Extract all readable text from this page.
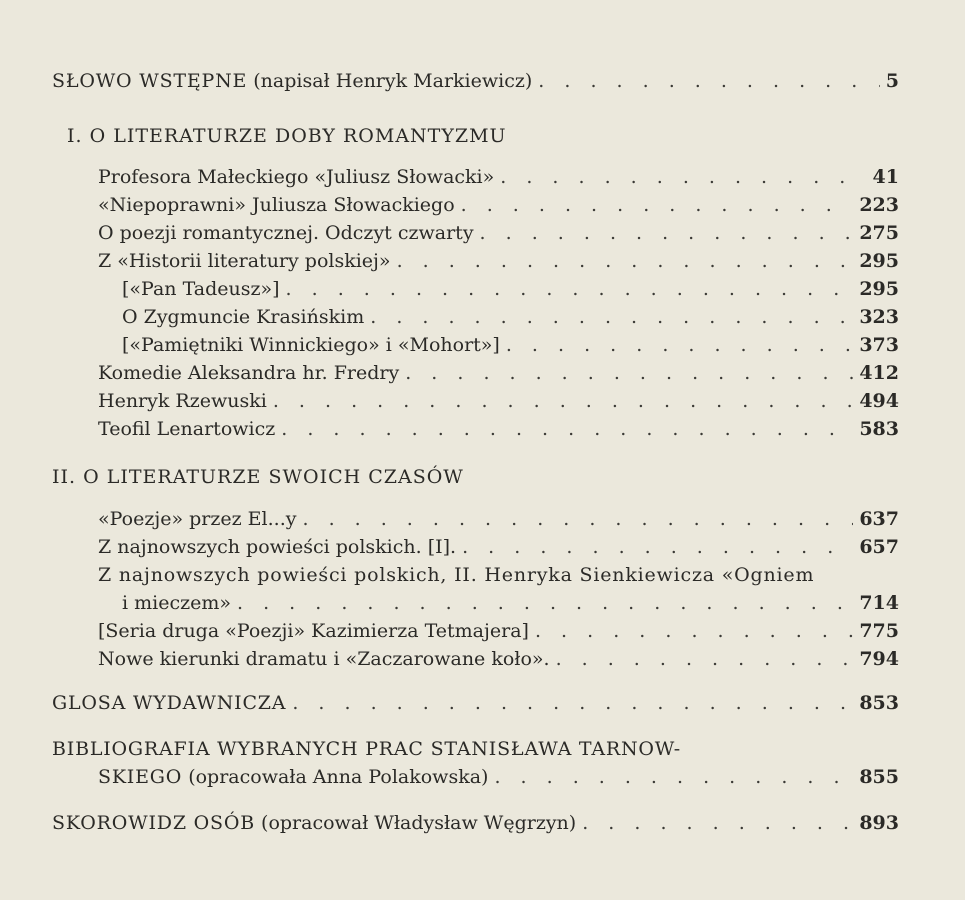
SŁOWO WSTĘPNE (napisał Henryk Markiewicz) . . .	5
I. O LITERATURZE DOBY ROMANTYZMU
Profesora Małeckiego «Juliusz Słowacki» . . .	41
«Niepoprawni» Juliusza Słowackiego . . .	223
O poezji romantycznej. Odczyt czwarty . . .	275
Z «Historii literatury polskiej» . . .	295
[«Pan Tadeusz»] . . .	295
O Zygmuncie Krasińskim . . .	323
[«Pamiętniki Winnickiego» i «Mohort»] . . .	373
Komedie Aleksandra hr. Fredry . . .	412
Henryk Rzewuski . . .	494
Teofil Lenartowicz . . .	583
II. O LITERATURZE SWOICH CZASÓW
«Poezje» przez El...y . . .	637
Z najnowszych powieści polskich. [I]. . . .	657
Z najnowszych powieści polskich, II. Henryka Sienkiewicza «Ogniem
i mieczem» . . .	714
[Seria druga «Poezji» Kazimierza Tetmajera] . . .	775
Nowe kierunki dramatu i «Zaczarowane koło». . . .	794
GLOSA WYDAWNICZA . . .	853
BIBLIOGRAFIA WYBRANYCH PRAC STANISŁAWA TARNOW-
SKIEGO (opracowała Anna Polakowska) . . .	855
SKOROWIDZ OSÓB (opracował Władysław Węgrzyn) . . .	893
